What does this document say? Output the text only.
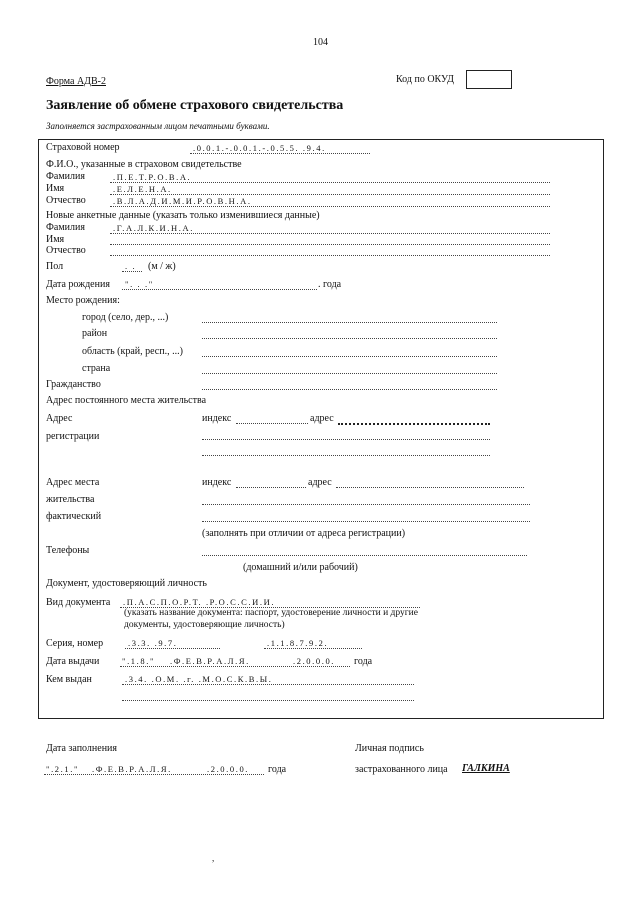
104
Форма АДВ-2	Код по ОКУД
Заявление об обмене страхового свидетельства
Заполняется застрахованным лицом печатными буквами.
Страховой номер	.0.0.1.-.0.0.1.-.0.5.5. .9.4.
Ф.И.О., указанные в страховом свидетельстве
Фамилия	.П.Е.Т.Р.О.В.А.
Имя	.Е.Л.Е.Н.А.
Отчество	.В.Л.А.Д.И.М.И.Р.О.В.Н.А.
Новые анкетные данные (указать только изменившиеся данные)
Фамилия	.Г.А.Л.К.И.Н.А.
Имя
Отчество
Пол	. . (м / ж)
Дата рождения ". . ."	. года
Место рождения:
город (село, дер., ...)
район
область (край, респ., ...)
страна
Гражданство
Адрес постоянного места жительства
Адрес
регистрации
индекс	адрес
Адрес места
жительства
фактический
индекс	адрес
(заполнять при отличии от адреса регистрации)
Телефоны
(домашний и/или рабочий)
Документ, удостоверяющий личность
Вид документа .П.А.С.П.О.Р.Т. .Р.О.С.С.И.И.
(указать название документа: паспорт, удостоверение личности и другие
документы, удостоверяющие личность)
Серия, номер	.3.3. .9.7.	.1.1.8.7.9.2.
Дата выдачи	".1.8." .Ф.Е.В.Р.А.Л.Я.	.2.0.0.0. года
Кем выдан	.3.4. .О.М. .г. .М.О.С.К.В.Ы.
Дата заполнения
".2.1." .Ф.Е.В.Р.А.Л.Я.	.2.0.0.0. года
Личная подпись
застрахованного лица ГАЛКИНА
,
